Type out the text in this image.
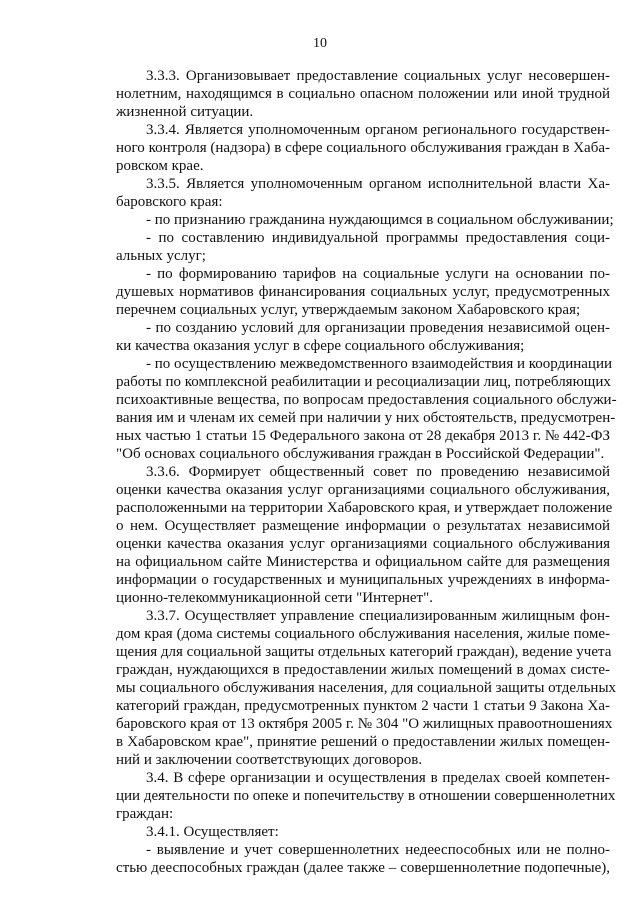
10
3.3.3. Организовывает предоставление социальных услуг несовершен-
нолетним, находящимся в социально опасном положении или иной трудной
жизненной ситуации.
3.3.4. Является уполномоченным органом регионального государствен-
ного контроля (надзора) в сфере социального обслуживания граждан в Хаба-
ровском крае.
3.3.5. Является уполномоченным органом исполнительной власти Ха-
баровского края:
- по признанию гражданина нуждающимся в социальном обслуживании;
- по составлению индивидуальной программы предоставления соци-
альных услуг;
- по формированию тарифов на социальные услуги на основании по-
душевых нормативов финансирования социальных услуг, предусмотренных
перечнем социальных услуг, утверждаемым законом Хабаровского края;
- по созданию условий для организации проведения независимой оцен-
ки качества оказания услуг в сфере социального обслуживания;
- по осуществлению межведомственного взаимодействия и координации
работы по комплексной реабилитации и ресоциализации лиц, потребляющих
психоактивные вещества, по вопросам предоставления социального обслужи-
вания им и членам их семей при наличии у них обстоятельств, предусмотрен-
ных частью 1 статьи 15 Федерального закона от 28 декабря 2013 г. № 442-ФЗ
"Об основах социального обслуживания граждан в Российской Федерации".
3.3.6. Формирует общественный совет по проведению независимой
оценки качества оказания услуг организациями социального обслуживания,
расположенными на территории Хабаровского края, и утверждает положение
о нем. Осуществляет размещение информации о результатах независимой
оценки качества оказания услуг организациями социального обслуживания
на официальном сайте Министерства и официальном сайте для размещения
информации о государственных и муниципальных учреждениях в информа-
ционно-телекоммуникационной сети "Интернет".
3.3.7. Осуществляет управление специализированным жилищным фон-
дом края (дома системы социального обслуживания населения, жилые поме-
щения для социальной защиты отдельных категорий граждан), ведение учета
граждан, нуждающихся в предоставлении жилых помещений в домах систе-
мы социального обслуживания населения, для социальной защиты отдельных
категорий граждан, предусмотренных пунктом 2 части 1 статьи 9 Закона Ха-
баровского края от 13 октября 2005 г. № 304 "О жилищных правоотношениях
в Хабаровском крае", принятие решений о предоставлении жилых помещен-
ний и заключении соответствующих договоров.
3.4. В сфере организации и осуществления в пределах своей компетен-
ции деятельности по опеке и попечительству в отношении совершеннолетних
граждан:
3.4.1. Осуществляет:
- выявление и учет совершеннолетних недееспособных или не полно-
стью дееспособных граждан (далее также – совершеннолетние подопечные),
